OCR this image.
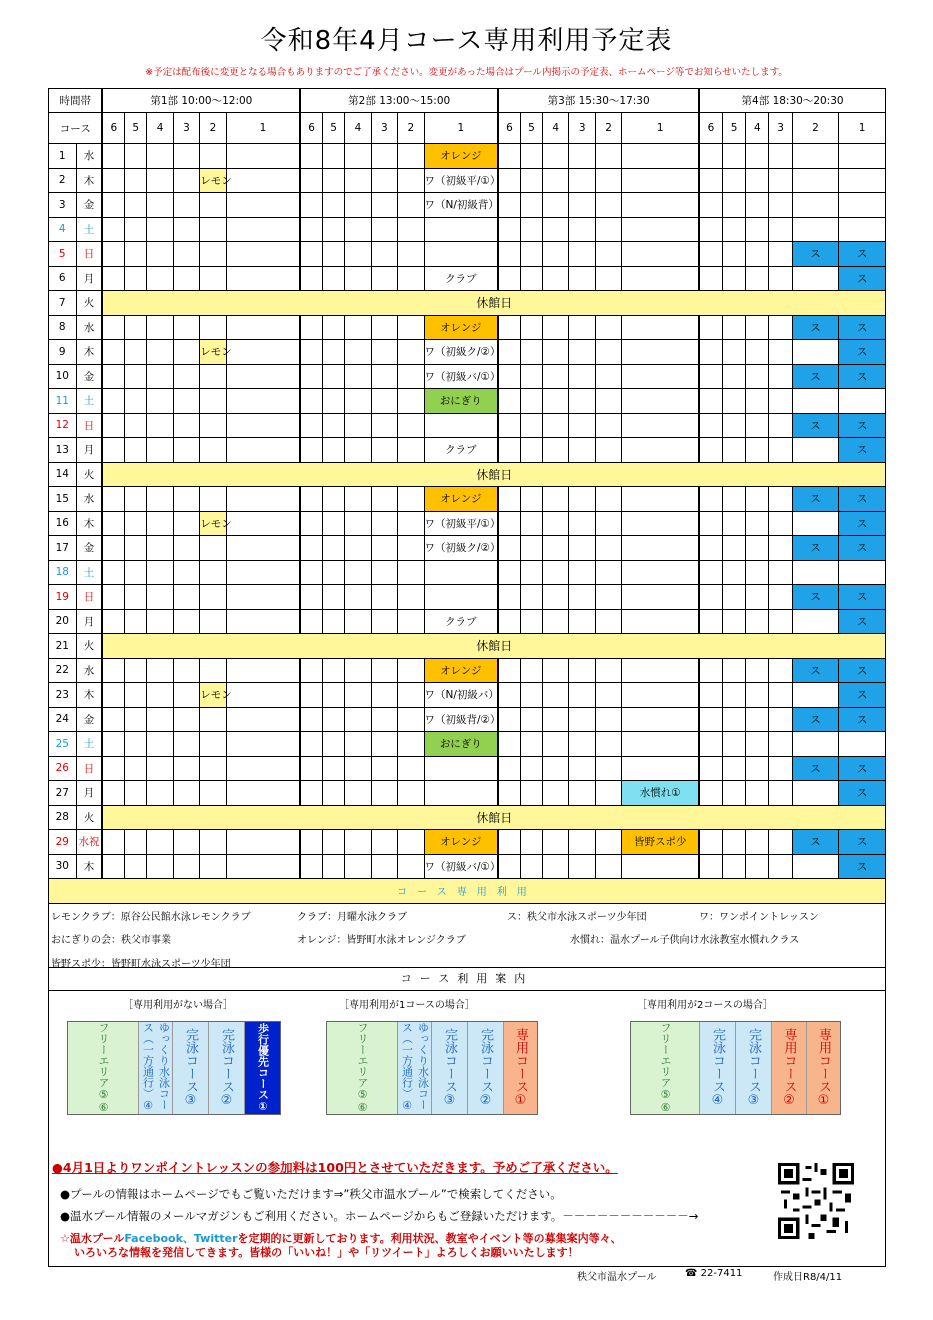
令和8年4月コース専用利用予定表
※予定は配布後に変更となる場合もありますのでご了承ください。変更があった場合はプール内掲示の予定表、ホームページ等でお知らせいたします。
時間帯		第1部 10:00～12:00						第2部 13:00～15:00						第3部 15:30～17:30						第4部 18:30～20:30					
コース		6	5	4	3	2	1	6	5	4	3	2	1	6	5	4	3	2	1	6	5	4	3	2	1
1	水												オレンジ												
2	木					レモン							ワ（初級平/①）												
3	金												ワ（N/初級背）												
4	土																								
5	日																							ス	ス
6	月												クラブ												ス
7	火	休館日																							
8	水												オレンジ											ス	ス
9	木					レモン							ワ（初級ク/②）												ス
10	金												ワ（初級バ/①）											ス	ス
11	土												おにぎり												
12	日																							ス	ス
13	月												クラブ												ス
14	火	休館日																							
15	水												オレンジ											ス	ス
16	木					レモン							ワ（初級平/①）												ス
17	金												ワ（初級ク/②）											ス	ス
18	土																								
19	日																							ス	ス
20	月												クラブ												ス
21	火	休館日																							
22	水												オレンジ											ス	ス
23	木					レモン							ワ（N/初級バ）												ス
24	金												ワ（初級背/②）											ス	ス
25	土												おにぎり												
26	日																							ス	ス
27	月																		水慣れ①						ス
28	火	休館日																							
29	水祝												オレンジ						皆野スポ少					ス	ス
30	木												ワ（初級バ/①）												ス
コース専用利用																									
レモンクラブ：原谷公民館水泳レモンクラブ クラブ：月曜水泳クラブ ス：秩父市水泳スポーツ少年団 ワ：ワンポイントレッスン																									
おにぎりの会：秩父市事業 オレンジ：皆野町水泳オレンジクラブ 水慣れ：温水プール子供向け水泳教室水慣れクラス																									
皆野スポ少：皆野町水泳スポーツ少年団																									
コース利用案内
［専用利用がない場合］	［専用利用が1コースの場合］	［専用利用が2コースの場合］
フリーエリア⑤⑥	ゆっくり水泳コース（一方通行）④	完泳コース③	完泳コース②	歩行優先コース①	フリーエリア⑤⑥	ゆっくり水泳コース（一方通行）④	完泳コース③	完泳コース②	専用コース①	フリーエリア⑤⑥	完泳コース④	完泳コース③	専用コース②	専用コース①
●4月1日よりワンポイントレッスンの参加料は100円とさせていただきます。予めご了承ください。
●プールの情報はホームページでもご覧いただけます⇒”秩父市温水プール”で検索してください。
●温水プール情報のメールマガジンもご利用ください。ホームページからもご登録いただけます。－－－－－－－－－－－→
☆温水プールFacebook、Twitterを定期的に更新しております。利用状況、教室やイベント等の募集案内等々、
いろいろな情報を発信してきます。皆様の「いいね！」や「リツイート」よろしくお願いいたします！
秩父市温水プール	☎ 22-7411	作成日R8/4/11
